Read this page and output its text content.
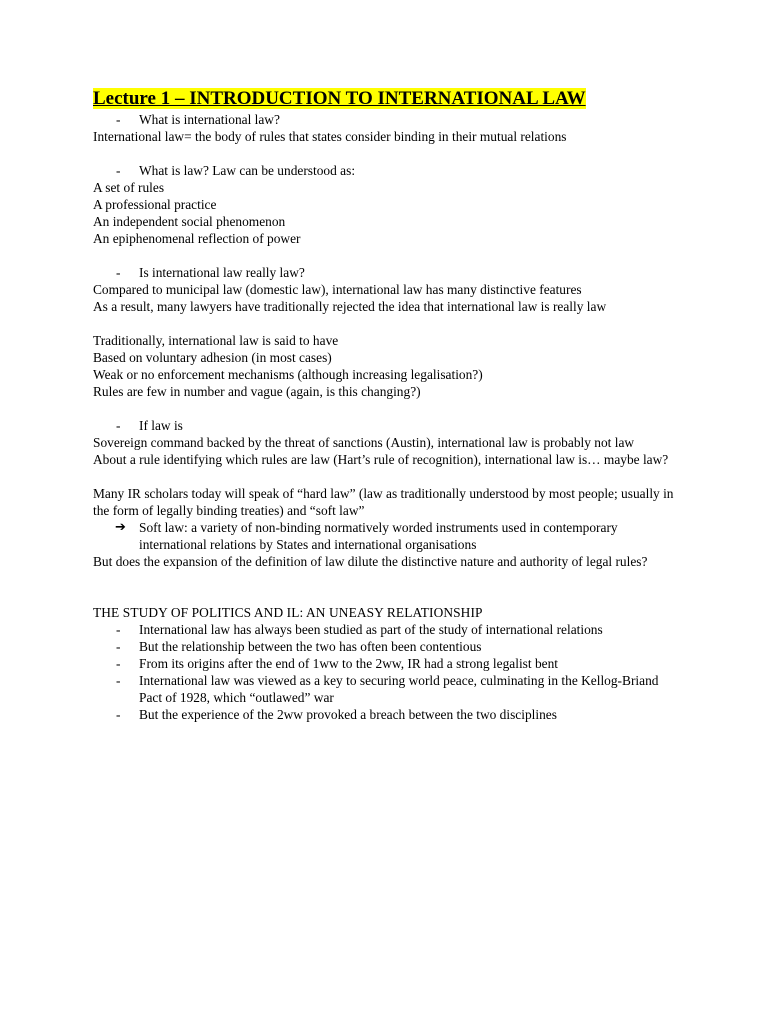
Lecture 1 – INTRODUCTION TO INTERNATIONAL LAW

- What is international law?

International law= the body of rules that states consider binding in their mutual relations

- What is law? Law can be understood as:

A set of rules

A professional practice

An independent social phenomenon

An epiphenomenal reflection of power

- Is international law really law?

Compared to municipal law (domestic law), international law has many distinctive features

As a result, many lawyers have traditionally rejected the idea that international law is really law

Traditionally, international law is said to have

Based on voluntary adhesion (in most cases)

Weak or no enforcement mechanisms (although increasing legalisation?)

Rules are few in number and vague (again, is this changing?)

- If law is

Sovereign command backed by the threat of sanctions (Austin), international law is probably not law

About a rule identifying which rules are law (Hart’s rule of recognition), international law is… maybe law?

Many IR scholars today will speak of “hard law” (law as traditionally understood by most people; usually in the form of legally binding treaties) and “soft law”

➔ Soft law: a variety of non-binding normatively worded instruments used in contemporary international relations by States and international organisations

But does the expansion of the definition of law dilute the distinctive nature and authority of legal rules?

THE STUDY OF POLITICS AND IL: AN UNEASY RELATIONSHIP

- International law has always been studied as part of the study of international relations

- But the relationship between the two has often been contentious

- From its origins after the end of 1ww to the 2ww, IR had a strong legalist bent

- International law was viewed as a key to securing world peace, culminating in the Kellog-Briand Pact of 1928, which “outlawed” war

- But the experience of the 2ww provoked a breach between the two disciplines
